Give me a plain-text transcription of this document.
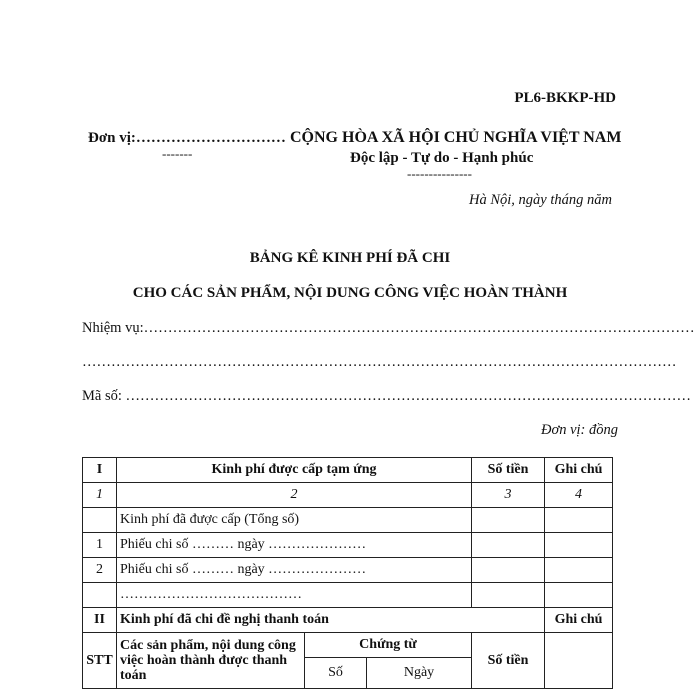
PL6-BKKP-HD
Đơn vị:…………………………
-------
CỘNG HÒA XÃ HỘI CHỦ NGHĨA VIỆT NAM
Độc lập - Tự do - Hạnh phúc
---------------
Hà Nội, ngày tháng năm
BẢNG KÊ KINH PHÍ ĐÃ CHI
CHO CÁC SẢN PHẨM, NỘI DUNG CÔNG VIỆC HOÀN THÀNH
Nhiệm vụ:……………………………………………………………………………………………………
……………………………………………………………………………………………………………
Mã số: ………………………………………………………………………………………………………
Đơn vị: đồng
I	Kinh phí được cấp tạm ứng			Số tiền	Ghi chú
1	2			3	4
	Kinh phí đã được cấp (Tổng số)				
1	Phiếu chi số ……… ngày …………………				
2	Phiếu chi số ……… ngày …………………				
	…………………………………				
II	Kinh phí đã chi đề nghị thanh toán				Ghi chú
STT	Các sản phẩm, nội dung công việc hoàn thành được thanh toán	Chứng từ		Số tiền	
		Số	Ngày		
